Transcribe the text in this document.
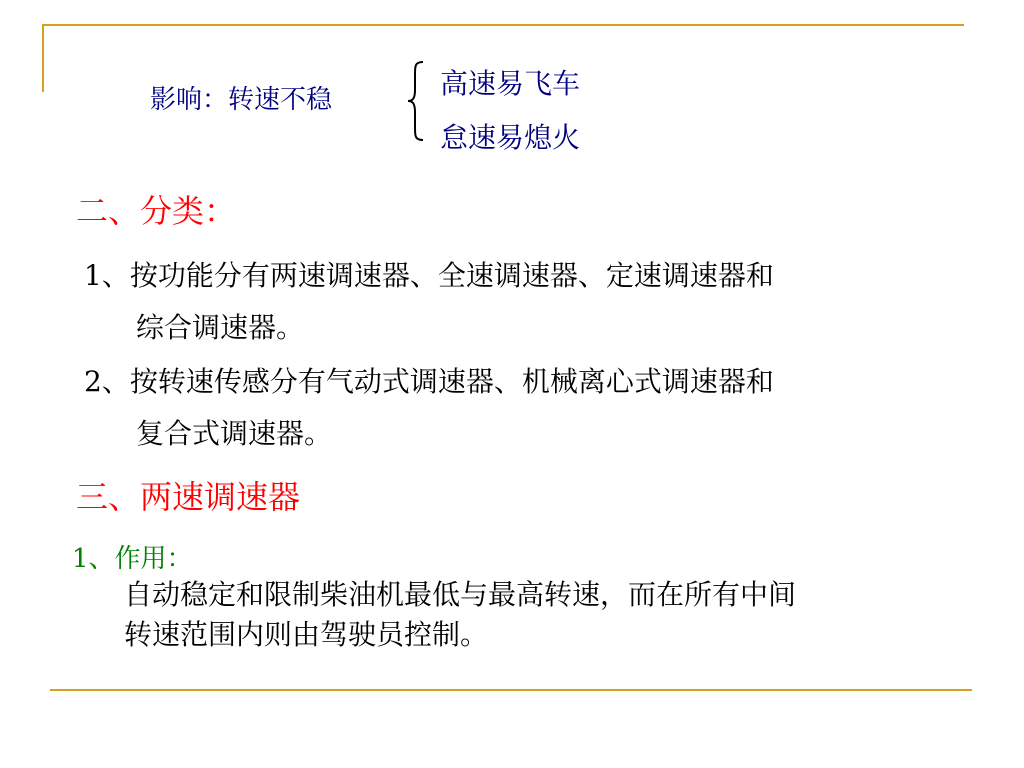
影响：转速不稳	高速易飞车
怠速易熄火
二、分类：
1、按功能分有两速调速器、全速调速器、定速调速器和
综合调速器。
2、按转速传感分有气动式调速器、机械离心式调速器和
复合式调速器。
三、两速调速器
1、作用：
自动稳定和限制柴油机最低与最高转速，而在所有中间
转速范围内则由驾驶员控制。
